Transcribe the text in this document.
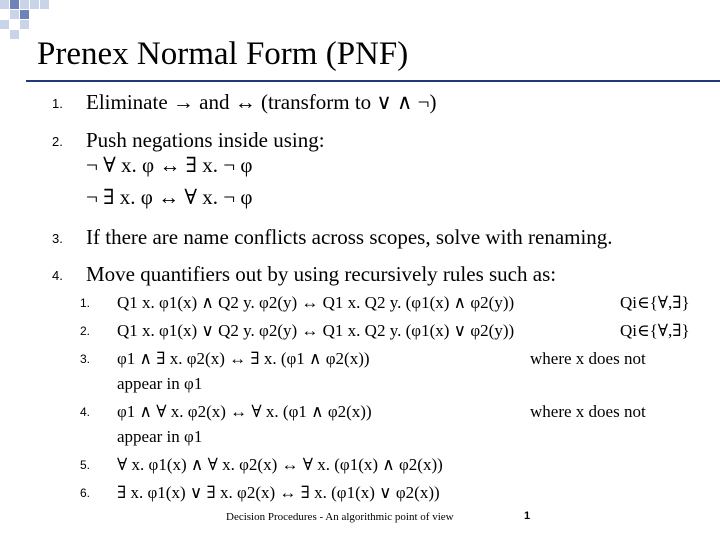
Prenex Normal Form (PNF)
1. Eliminate → and ↔ (transform to ∨ ∧ ¬)
2. Push negations inside using:
¬ ∀ x. φ ↔ ∃ x. ¬ φ
¬ ∃ x. φ ↔ ∀ x. ¬ φ
3. If there are name conflicts across scopes, solve with renaming.
4. Move quantifiers out by using recursively rules such as:
1. Q1 x. φ1(x) ∧ Q2 y. φ2(y) ↔ Q1 x. Q2 y. (φ1(x) ∧ φ2(y))	Qi∈{∀,∃}
2. Q1 x. φ1(x) ∨ Q2 y. φ2(y) ↔ Q1 x. Q2 y. (φ1(x) ∨ φ2(y))	Qi∈{∀,∃}
3. φ1 ∧ ∃ x. φ2(x) ↔ ∃ x. (φ1 ∧ φ2(x))	where x does not
appear in φ1
4. φ1 ∧ ∀ x. φ2(x) ↔ ∀ x. (φ1 ∧ φ2(x))	where x does not
appear in φ1
5. ∀ x. φ1(x) ∧ ∀ x. φ2(x) ↔ ∀ x. (φ1(x) ∧ φ2(x))
6. ∃ x. φ1(x) ∨ ∃ x. φ2(x) ↔ ∃ x. (φ1(x) ∨ φ2(x))
Decision Procedures - An algorithmic point of view	1
